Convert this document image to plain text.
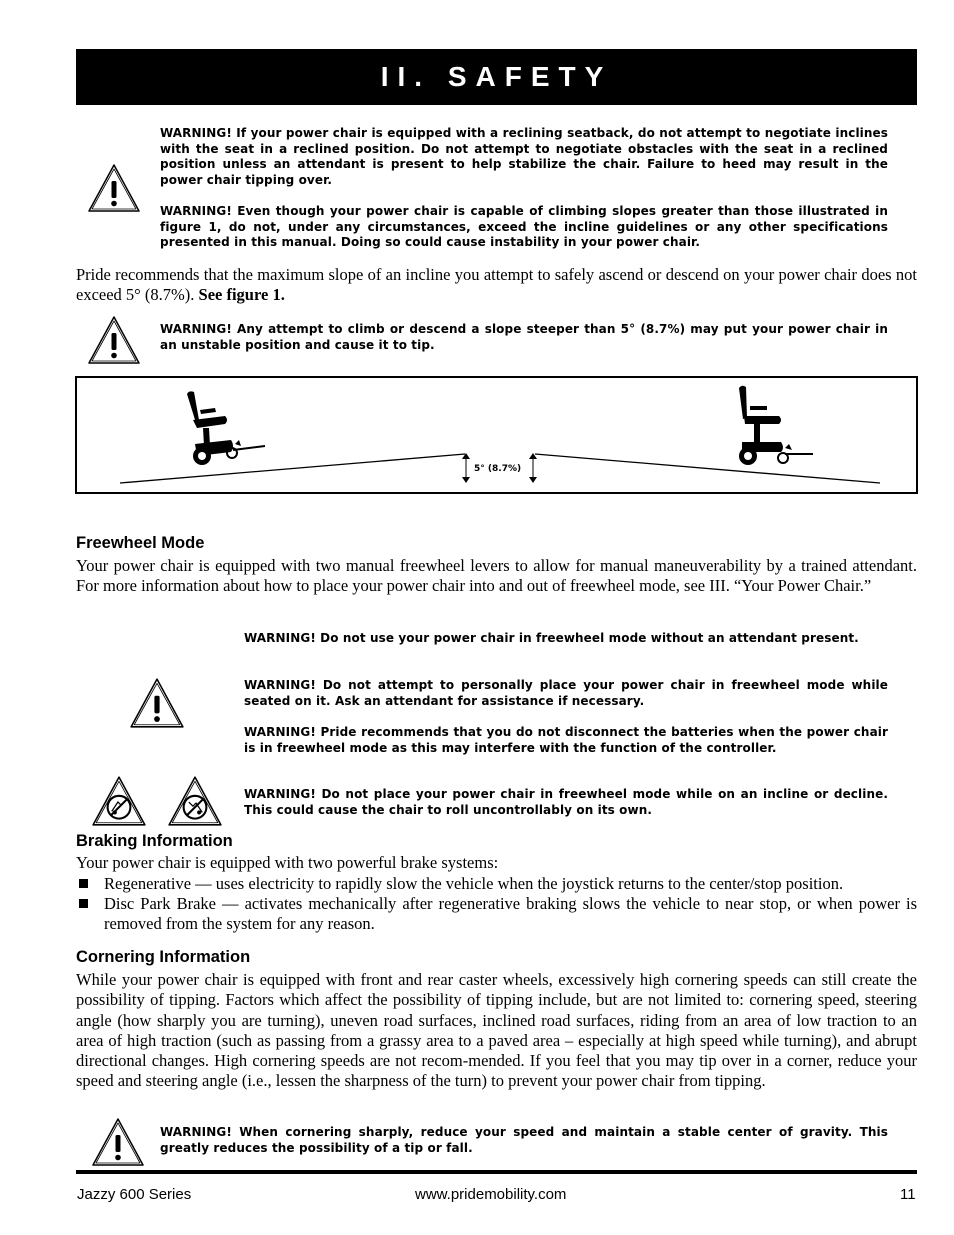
II. SAFETY
WARNING! If your power chair is equipped with a reclining seatback, do not attempt to negotiate inclines with the seat in a reclined position. Do not attempt to negotiate obstacles with the seat in a reclined position unless an attendant is present to help stabilize the chair. Failure to heed may result in the power chair tipping over.
WARNING! Even though your power chair is capable of climbing slopes greater than those illustrated in figure 1, do not, under any circumstances, exceed the incline guidelines or any other specifications presented in this manual. Doing so could cause instability in your power chair.
Pride recommends that the maximum slope of an incline you attempt to safely ascend or descend on your power chair does not exceed 5° (8.7%). See figure 1.
WARNING! Any attempt to climb or descend a slope steeper than 5° (8.7%) may put your power chair in an unstable position and cause it to tip.
5° (8.7%)
Freewheel Mode
Your power chair is equipped with two manual freewheel levers to allow for manual maneuverability by a trained attendant. For more information about how to place your power chair into and out of freewheel mode, see III. “Your Power Chair.”
WARNING! Do not use your power chair in freewheel mode without an attendant present.
WARNING! Do not attempt to personally place your power chair in freewheel mode while seated on it. Ask an attendant for assistance if necessary.
WARNING! Pride recommends that you do not disconnect the batteries when the power chair is in freewheel mode as this may interfere with the function of the controller.
WARNING! Do not place your power chair in freewheel mode while on an incline or decline. This could cause the chair to roll uncontrollably on its own.
Braking Information
Your power chair is equipped with two powerful brake systems:
Regenerative — uses electricity to rapidly slow the vehicle when the joystick returns to the center/stop position.
Disc Park Brake — activates mechanically after regenerative braking slows the vehicle to near stop, or when power is removed from the system for any reason.
Cornering Information
While your power chair is equipped with front and rear caster wheels, excessively high cornering speeds can still create the possibility of tipping. Factors which affect the possibility of tipping include, but are not limited to: cornering speed, steering angle (how sharply you are turning), uneven road surfaces, inclined road surfaces, riding from an area of low traction to an area of high traction (such as passing from a grassy area to a paved area – especially at high speed while turning), and abrupt directional changes. High cornering speeds are not recom-mended. If you feel that you may tip over in a corner, reduce your speed and steering angle (i.e., lessen the sharpness of the turn) to prevent your power chair from tipping.
WARNING! When cornering sharply, reduce your speed and maintain a stable center of gravity. This greatly reduces the possibility of a tip or fall.
Jazzy 600 Series	www.pridemobility.com	11
